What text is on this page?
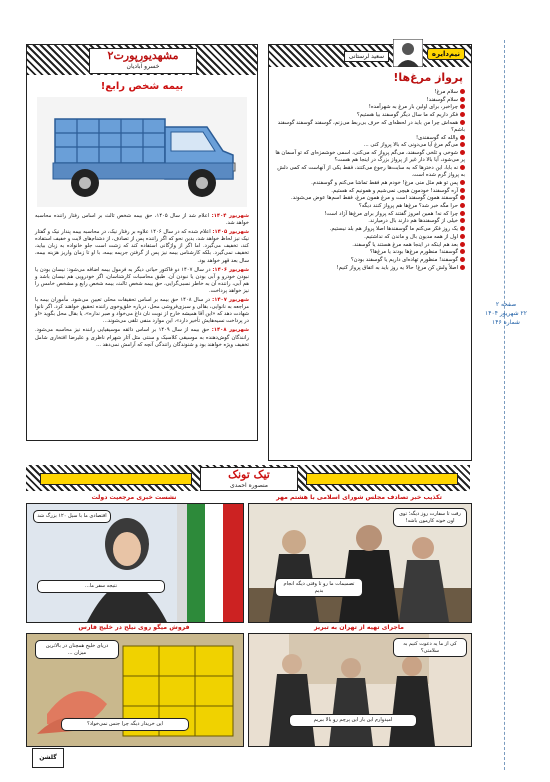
مشهدیورپورت۲
خسرو آبادیان
بیمه شخص رابع!

شهریور ۱۴۰۴: اعلام شد از سال ۱۴۰۵، حق بیمه شخص ثالث بر اساس رفتار راننده محاسبه خواهد شد.

شهریور ۱۴۰۵: اعلام شده که در سال ۱۴۰۶ علاوه بر رفتار نیک، در محاسبه بیمه پندار نیک و گفتار نیک نیز لحاظ خواهد شد، بدین نحو که اگر راننده پس از تصادف، از دشنام‌های لایت و خفیف استفاده کند، تخفیف می‌گیرد. اما اگر از واژگانی استفاده کند که زشت است جلو خانواده به زبان بیاید، تخفیف نمی‌گیرد. بلکه کارشناس بیمه نیز پس از گرفتن جریمه بیمه، با او تا زمان واریز هزینه بیمه، سال بعد قهر خواهد بود.

شهریور ۱۴۰۶: در سال ۱۴۰۷ دو فاکتور حیاتی دیگر به فرمول بیمه اضافه می‌شود: نیسان بودن یا نبودن خودرو و آبی بودن یا نبودن آن. طبق محاسبات کارشناسان، اگر خودرویی هم نیسان باشد و هم آبی، راننده آن به خاطر نسبی‌گرایی، حق بیمه شخص ثالث، بیمه شخص رابع و مشخص خامس را نیز خواهد پرداخت.

شهریور ۱۴۰۷: در سال ۱۴۰۸ حق بیمه بر اساس تحقیقات محلی تعیین می‌شود. مأموران بیمه با مراجعه به نانوایی، بقالی و سبزی‌فروشی محل، درباره خلق‌وخوی راننده تحقیق خواهند کرد. اگر نانوا شهادت دهد که «این آقا همیشه خارج از نوبت نان داغ می‌خواد و صبر نداره»، یا بقال محل بگوید «او در پرداخت نسیه‌هایش تأخیر دارد»، این موارد منفی تلقی می‌شوند...

شهریور ۱۴۰۸: حق بیمه از سال ۱۴۰۹ بر اساس ذائقه موسیقیایی راننده نیز محاسبه می‌شود. رانندگان گوش‌دهنده به موسیقی کلاسیک و سنتی مثل آثار شهرام ناظری و علیرضا افتخاری شامل تخفیف ویژه خواهند بود و شنوندگان رانندگی آنچه که آرامش نمی‌دهد ...

نیم‌دایره
سعید لرستانی
پرواز مرغ‌ها!
سلام مرغ!
سلام گوسفند!
چراخبر، برای اولین بار مرغ به شهرآمده!
فکر داریم که ما سال دیگر گوسفند بیا هستیم؟
همه‌اش چرا من باید در لحظه‌ای که حرف بی‌ربط می‌زنم، گوسفند گوسفند گوسفند باشم؟
والله که گوسفندی!
می‌گم مرغ آیا می‌دونی که بالا پرواز کنی ...
شوخی و تلخی گوسفند، می‌گم پرواز که می‌کنی، اسمی خوشمزه‌ای که تو آسمان ها پر می‌شود، آیا بالا دار غیر از پرواز بزرگ در اینجا هم هست؟
نه بابا، این دخترها که به سایت‌ها رجوع می‌کنند، فقط یکی از آنهاست که کمی دلش به پرواز گرم شده است.
پس تو هم مثل منی مرغ! خودم هم فقط تماشا می‌کنم و گوسفندم.
آره گوسفند! خودمون هیچی نمی‌شیم و همونیم که هستیم.
گوسفند همون گوسفند است و مرغ همون مرغ، فقط اسم‌ها عوض می‌شوند.
حرا مگه خبر شد؟ مرغ‌ها هم پرواز کنند دیگه؟
چرا که نه! همین امروز گفتند که پرواز برای مرغ‌ها آزاد است!
خیلی از گوسفندها هم دارند بال درمیارند.
یک روز فکر می‌کنم ما گوسفندها اصلا پرواز هم بلد نیستیم.
اول از همه مدیون بال و ماندن که نداشتیم.
بعد هم اینکه در اینجا همه مرغ هستند یا گوسفند.
گوسفند! منظورم مرغ‌ها بودند یا مرغ‌ها؟
گوسفند! منظورم تهاده‌ای داریم یا گوسفند بودن؟
اصلاً ولش کن مرغ! حالا یه روز باید به اتفاق پرواز کنیم!
صفحه ۲
۲۲ شهریور ۱۴۰۴
شماره ۱۴۶
تیک تونک
منصوره احمدی
نشست خبری مرجعیت دولت
اقتصادی ما با سیل ۱۲۰ بزرگ شد
نتیجه سفر ما...
تکذیب خبر تصادف مجلس شورای اسلامی با هشتم مهر
رفت تا سفارت روز دیگه؛ توی اون خونه کارمون باشه!
تصمیمات ما رو تا وقتی دیگه انجام بدیم
فروش میگو روی نیلح در خلیج فارس
دریای خلیج همچنان در بالاترین میزان ...
این خریدار دیگه چرا جنس نمی‌خواد؟
ماجرای تهیه از تهران به تبریز
کی از ما یه دعوت کنیم به سلامتی؟
امیدوارم این بار این پرچم رو بالا ببریم
گلشن
